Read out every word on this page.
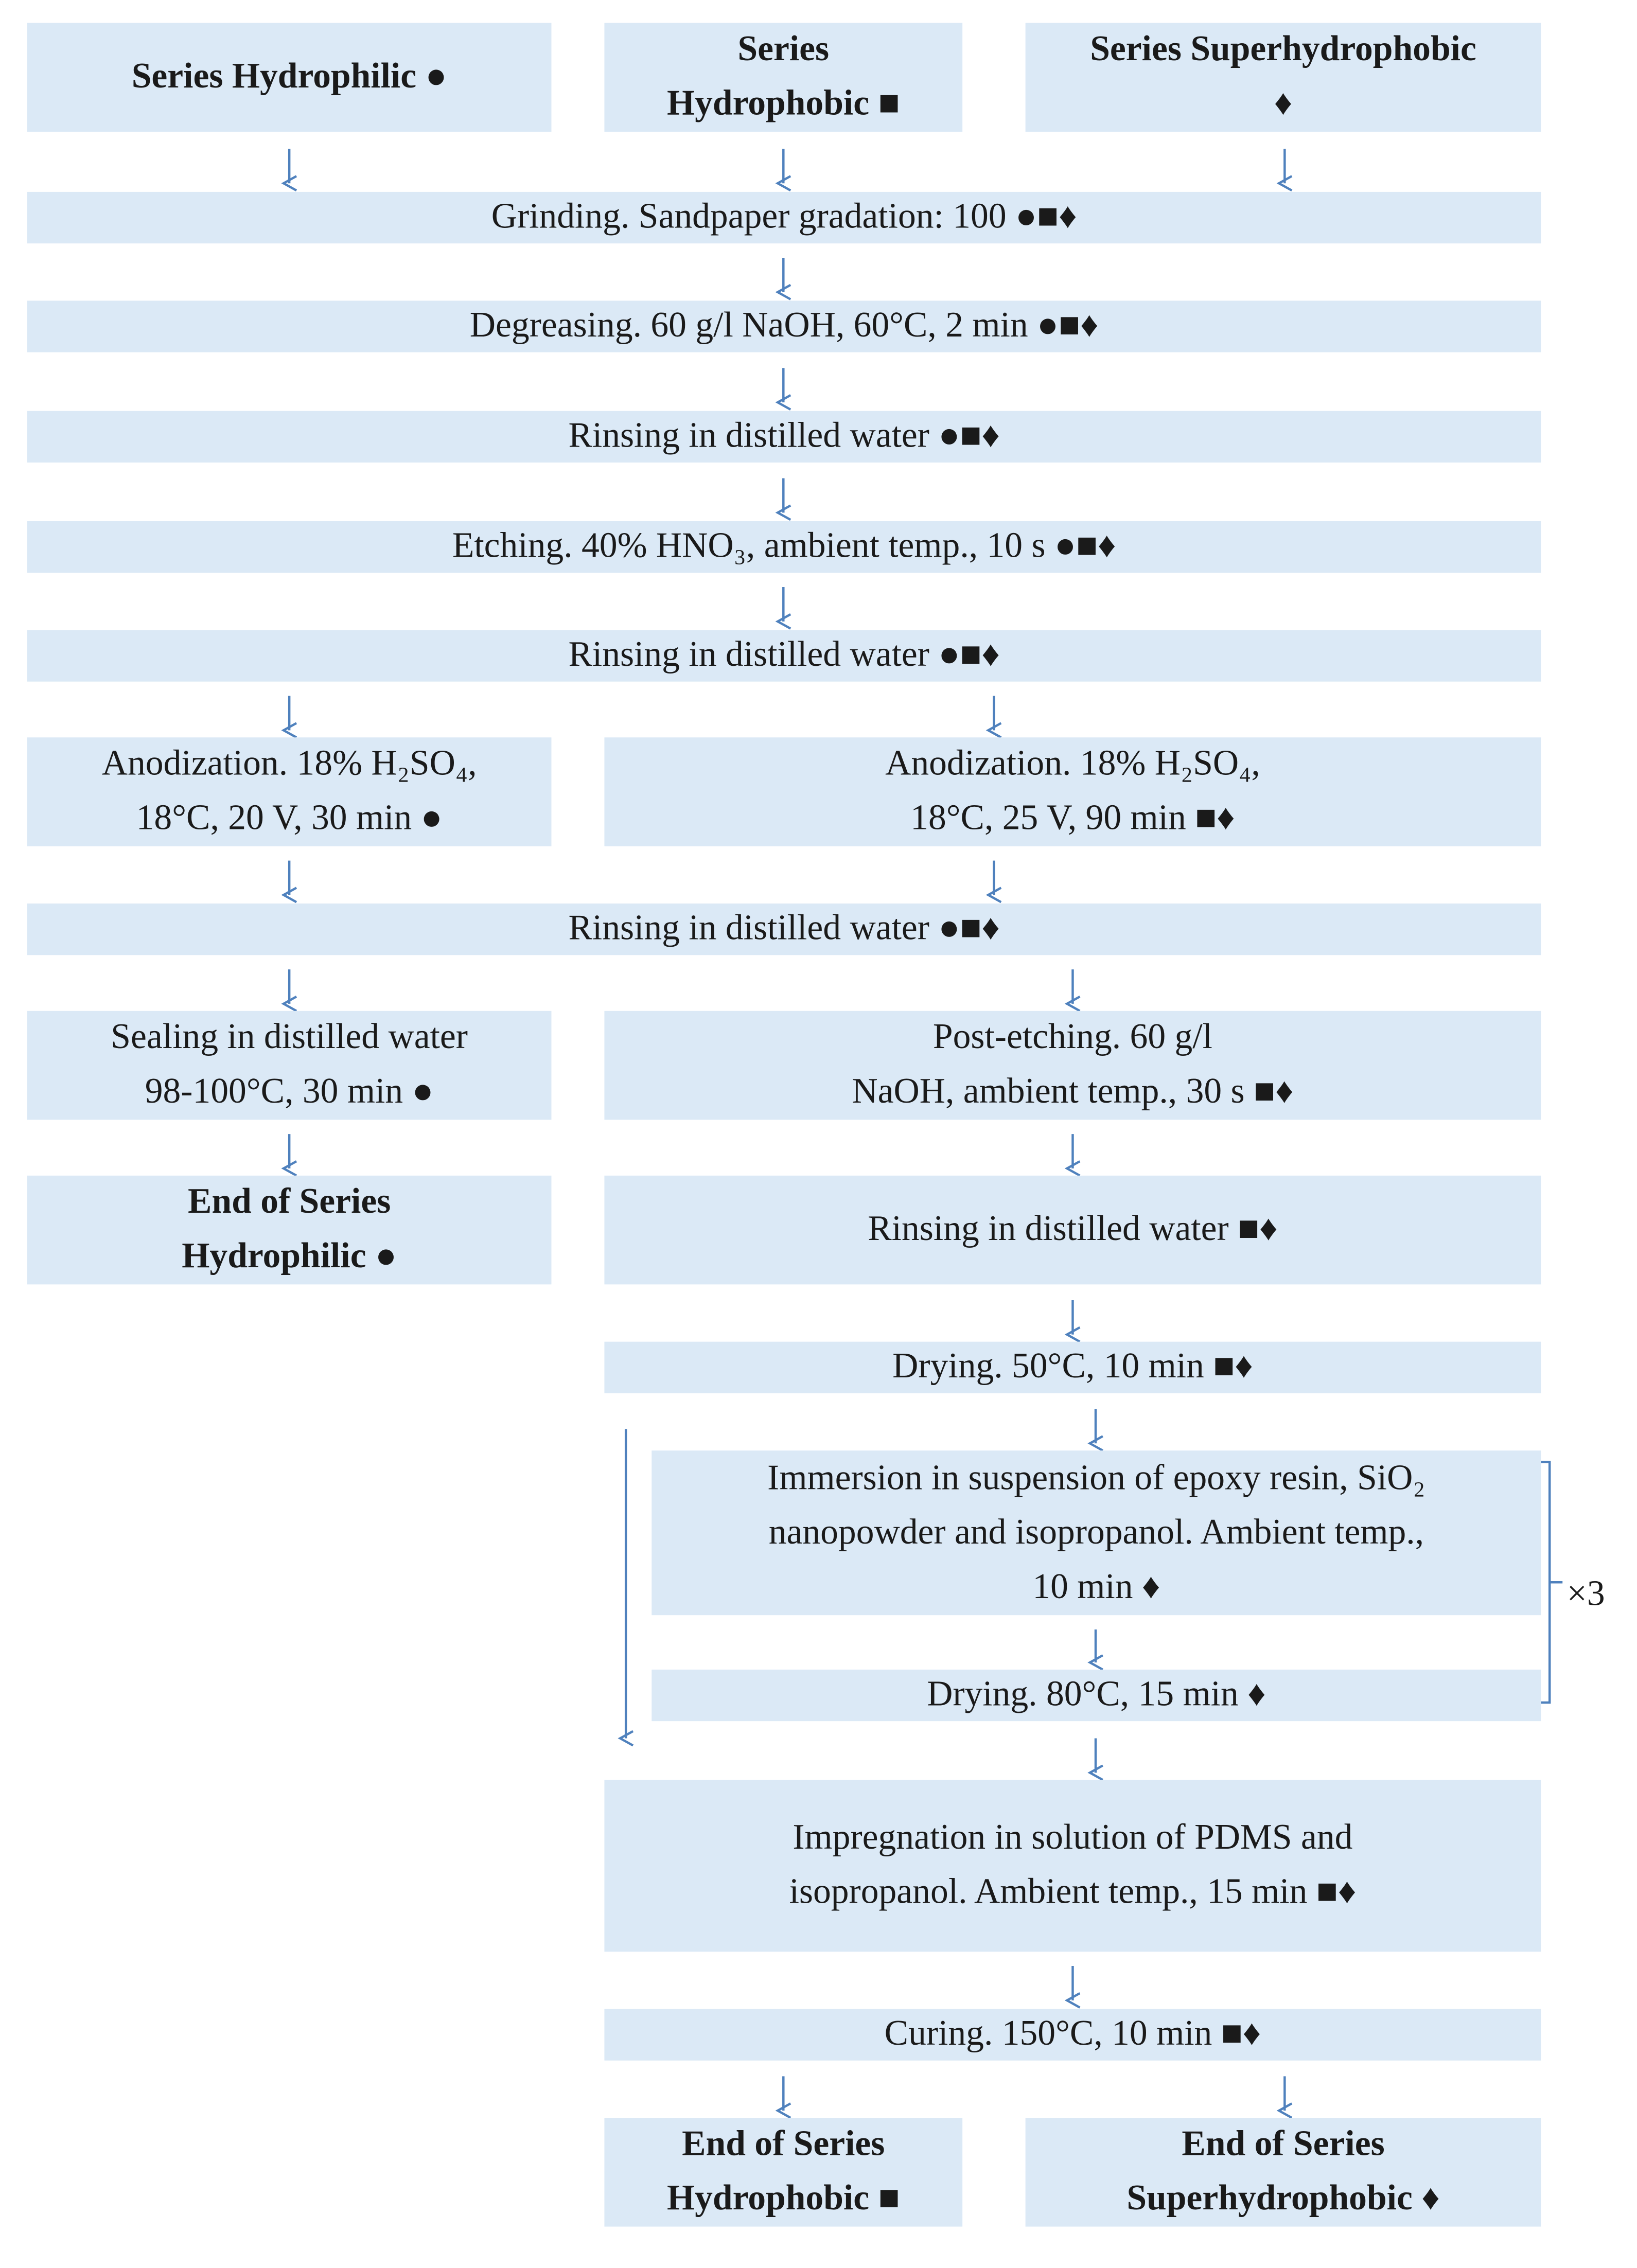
Series Hydrophilic ●
Series
Hydrophobic ■
Series Superhydrophobic
♦
Grinding. Sandpaper gradation: 100 ●■♦
Degreasing. 60 g/l NaOH, 60°C, 2 min ●■♦
Rinsing in distilled water ●■♦
Etching. 40% HNO₃, ambient temp., 10 s ●■♦
Rinsing in distilled water ●■♦
Anodization. 18% H₂SO₄,
18°C, 20 V, 30 min ●
Anodization. 18% H₂SO₄,
18°C, 25 V, 90 min ■♦
Rinsing in distilled water ●■♦
Sealing in distilled water
98-100°C, 30 min ●
Post-etching. 60 g/l
NaOH, ambient temp., 30 s ■♦
End of Series
Hydrophilic ●
Rinsing in distilled water ■♦
Drying. 50°C, 10 min ■♦
Immersion in suspension of epoxy resin, SiO₂
nanopowder and isopropanol. Ambient temp.,
10 min ♦
Drying. 80°C, 15 min ♦
Impregnation in solution of PDMS and
isopropanol. Ambient temp., 15 min ■♦
Curing. 150°C, 10 min ■♦
End of Series
Hydrophobic ■
End of Series
Superhydrophobic ♦
×3
